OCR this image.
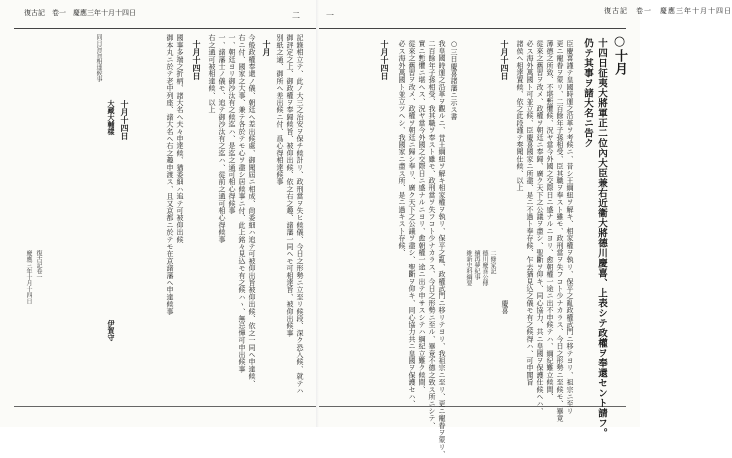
復古記　卷一　慶應三年十月十四日
一
○十月
十四日征夷大將軍正二位內大臣兼右近衞大將德川慶喜、上表シテ政權ヲ奉還セント請フ。
仍テ其事ヲ諸大名ニ告ク
臣慶喜謹テ皇國時運之沿革ヲ考候ニ、昔シ王綱紐ヲ解キ、相家權ヲ執リ、保平之亂政權武門ニ移テヨリ、祖宗ニ至リ
更ニ寵眷ヲ蒙リ、二百餘年子孫相受、臣其職ヲ奉スト雖モ、政刑當ヲ失フコト少ナカラス、今日之形勢ニ至候モ、畢竟
薄德之所致、不堪慙懼候、況ヤ當今外國之交際日ニ盛ナルニヨリ、愈朝權一途ニ出不申候テハ、綱紀難立候間、
從來之舊習ヲ改メ、政權ヲ朝廷ニ奉歸、廣ク天下之公議ヲ盡シ、聖斷ヲ仰キ、同心協力、共ニ皇國ヲ保護仕候ヘハ、
必ス海外萬國ト可並立候、臣慶喜國家ニ所盡、是ニ不過ト奉存候、乍去猶見込之儀モ有之候得ハ、可申聞旨
諸侯ヘ相達置候、依之此段謹テ奏聞仕候、以上
十月十四日
慶喜
二條家記
德川慶喜公傳
續再夢紀事
維新史料綱要
○三日慶喜諸藩ニ示ス書
我皇國時運之沿革ヲ觀ルニ、昔王綱紐ヲ解キ相家權ヲ執リ、保平之亂、政權武門ニ移リテヨリ、我祖宗ニ至リ、更ニ寵眷ヲ蒙リ、
二百餘年子孫相受、我其職ヲ奉スト雖モ、政刑當ヲ失フコト少ナカラス、今日之形勢ニ至ル、畢竟不德之致ス所ニシテ、
實ニ慙懼ニ堪ヘス、況ヤ當今外國之交際日ニ盛ナルニヨリ、愈朝權一途ニ出テ申サスシテハ綱紀立難ク候間、
從來之舊習ヲ改メ、政權ヲ朝廷ニ歸シ奉リ、廣ク天下之公議ヲ盡シ、聖斷ヲ仰キ、同心協力共ニ皇國ヲ保護セハ、
必ス海外萬國ト並立ツヘシ、我國家ニ盡ス所、是ニ過キスト存候、
十月十四日
復古記　卷一　慶應三年十月十四日	二
記錄相立テ、此ノ大三之治安ヲ保チ候計リ、政刑當ヲ失ヒ候儀、今日之形勢ニ立至リ候段、深ク恐入候、就テハ
御評定之上、御政權ヲ奉歸候旨、被仰出候、依之右之趣、諸藩一同ヘモ可相達旨、被仰出候事
別紙之通、御所ヘ差出候ニ付、爲心得相達候事
十月
今般政權奉還ノ儀、朝廷ヘ差出候處、御聞屆ニ相成、尙委細ハ追テ可被仰出旨被仰出候、依之一同ヘ申達候、
右ニ付、國家之大事、兼テ各於テモ心ヲ盡シ居候事ニ付、此上銘々見込モ有之候ハヽ、無忌憚可申出候事
一、朝廷ヨリ御沙汰有之候迄ハ、是迄之通可相心得候事
一、諸藩士ノ儀モ、追テ御沙汰有之迄ハ、從前之通可相心得候事
右之通可被相達候、以上
十月十四日
國事多端之折柄、諸大名ヘ夫々申達候、猶委細ハ追テ可被仰出候
御本丸ニ於テ老中列座、諸大名ヘ右之趣申渡ス、且又京都ニ於テモ在京諸藩ヘ申達候事
十月十四日
大藏大輔樣
伊賀守
同日旨旨相達候事
復古記卷一
慶應三年十月十四日
